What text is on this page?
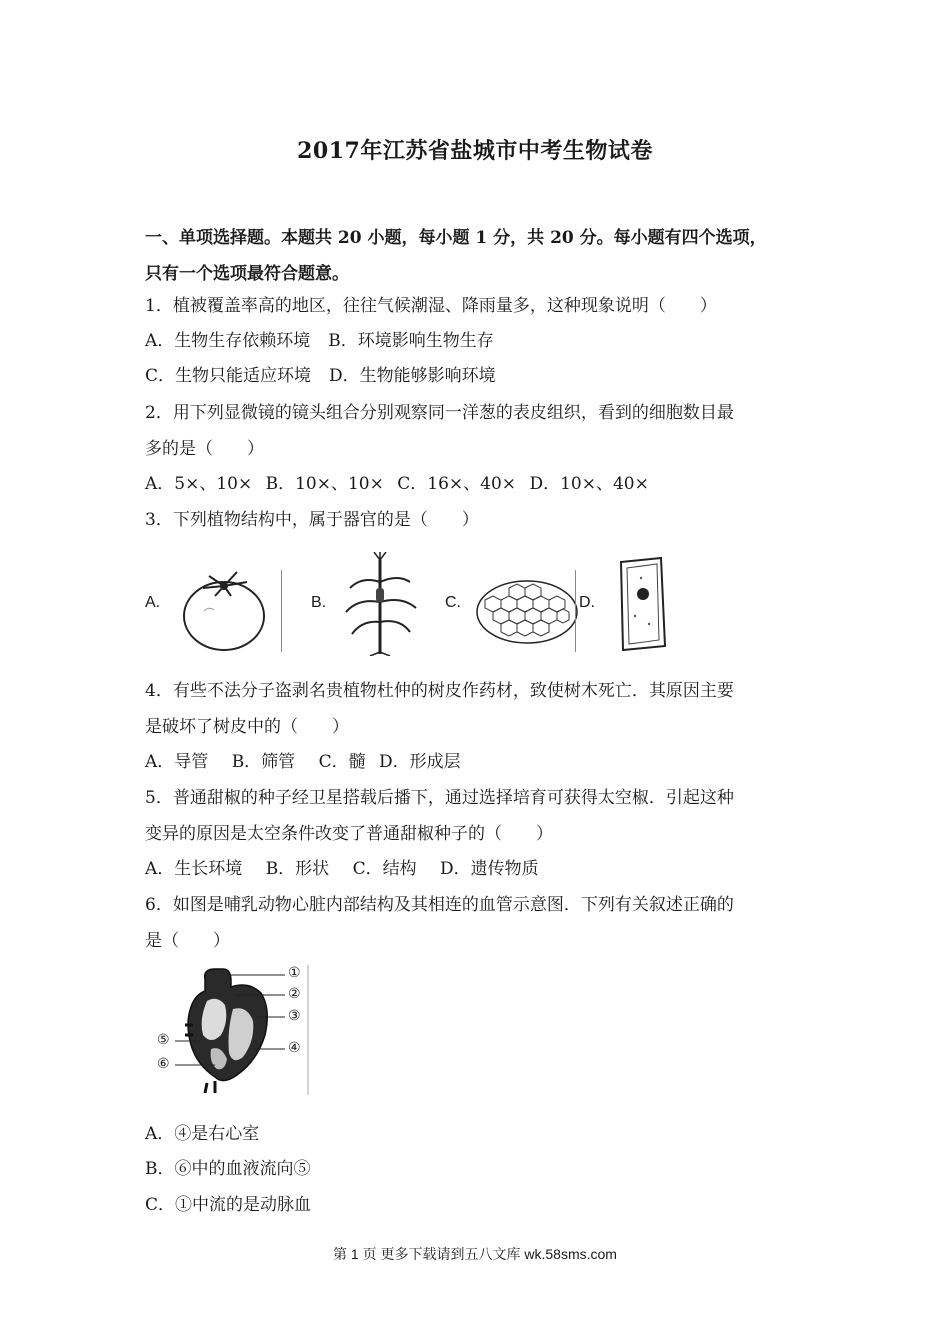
2017年江苏省盐城市中考生物试卷
一、单项选择题。本题共 20 小题，每小题 1 分，共 20 分。每小题有四个选项，
只有一个选项最符合题意。
1．植被覆盖率高的地区，往往气候潮湿、降雨量多，这种现象说明（　　）
A．生物生存依赖环境 B．环境影响生物生存
C．生物只能适应环境 D．生物能够影响环境
2．用下列显微镜的镜头组合分别观察同一洋葱的表皮组织，看到的细胞数目最
多的是（　　）
A．5×、10× B．10×、10× C．16×、40× D．10×、40×
3．下列植物结构中，属于器官的是（　　）
A.	B.	C.	D.
4．有些不法分子盗剥名贵植物杜仲的树皮作药材，致使树木死亡．其原因主要
是破坏了树皮中的（　　）
A．导管 B．筛管 C．髓 D．形成层
5．普通甜椒的种子经卫星搭载后播下，通过选择培育可获得太空椒．引起这种
变异的原因是太空条件改变了普通甜椒种子的（　　）
A．生长环境 B．形状 C．结构 D．遗传物质
6．如图是哺乳动物心脏内部结构及其相连的血管示意图．下列有关叙述正确的
是（　　）
①
②
③
④
⑤
⑥
A．④是右心室
B．⑥中的血液流向⑤
C．①中流的是动脉血
第 1 页 更多下载请到五八文库 wk.58sms.com
